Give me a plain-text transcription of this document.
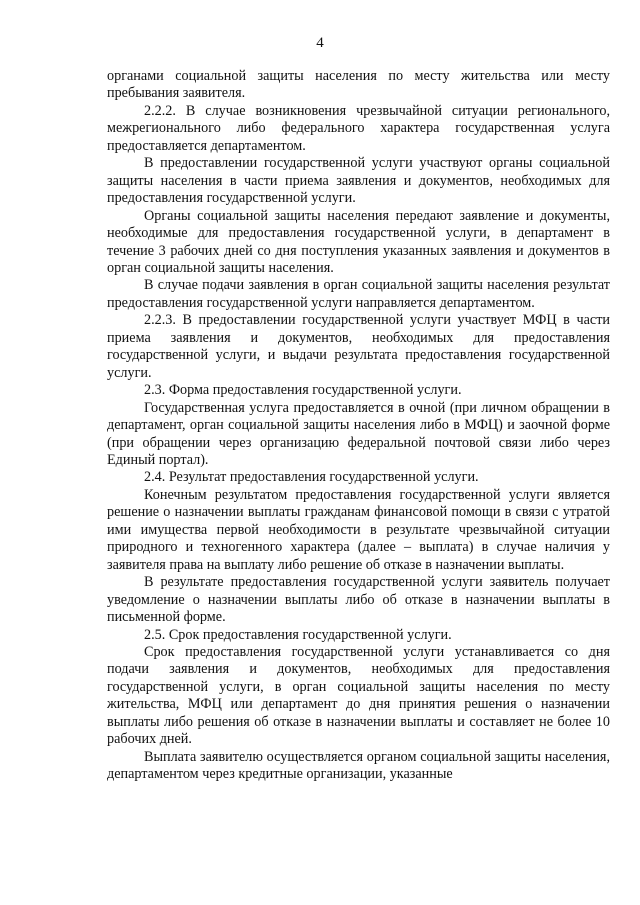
4

органами социальной защиты населения по месту жительства или месту пребывания заявителя.

2.2.2. В случае возникновения чрезвычайной ситуации регионального, межрегионального либо федерального характера государственная услуга предоставляется департаментом.

В предоставлении государственной услуги участвуют органы социальной защиты населения в части приема заявления и документов, необходимых для предоставления государственной услуги.

Органы социальной защиты населения передают заявление и документы, необходимые для предоставления государственной услуги, в департамент в течение 3 рабочих дней со дня поступления указанных заявления и документов в орган социальной защиты населения.

В случае подачи заявления в орган социальной защиты населения результат предоставления государственной услуги направляется департаментом.

2.2.3. В предоставлении государственной услуги участвует МФЦ в части приема заявления и документов, необходимых для предоставления государственной услуги, и выдачи результата предоставления государственной услуги.

2.3. Форма предоставления государственной услуги.

Государственная услуга предоставляется в очной (при личном обращении в департамент, орган социальной защиты населения либо в МФЦ) и заочной форме (при обращении через организацию федеральной почтовой связи либо через Единый портал).

2.4. Результат предоставления государственной услуги.

Конечным результатом предоставления государственной услуги является решение о назначении выплаты гражданам финансовой помощи в связи с утратой ими имущества первой необходимости в результате чрезвычайной ситуации природного и техногенного характера (далее – выплата) в случае наличия у заявителя права на выплату либо решение об отказе в назначении выплаты.

В результате предоставления государственной услуги заявитель получает уведомление о назначении выплаты либо об отказе в назначении выплаты в письменной форме.

2.5. Срок предоставления государственной услуги.

Срок предоставления государственной услуги устанавливается со дня подачи заявления и документов, необходимых для предоставления государственной услуги, в орган социальной защиты населения по месту жительства, МФЦ или департамент до дня принятия решения о назначении выплаты либо решения об отказе в назначении выплаты и составляет не более 10 рабочих дней.

Выплата заявителю осуществляется органом социальной защиты населения, департаментом через кредитные организации, указанные
